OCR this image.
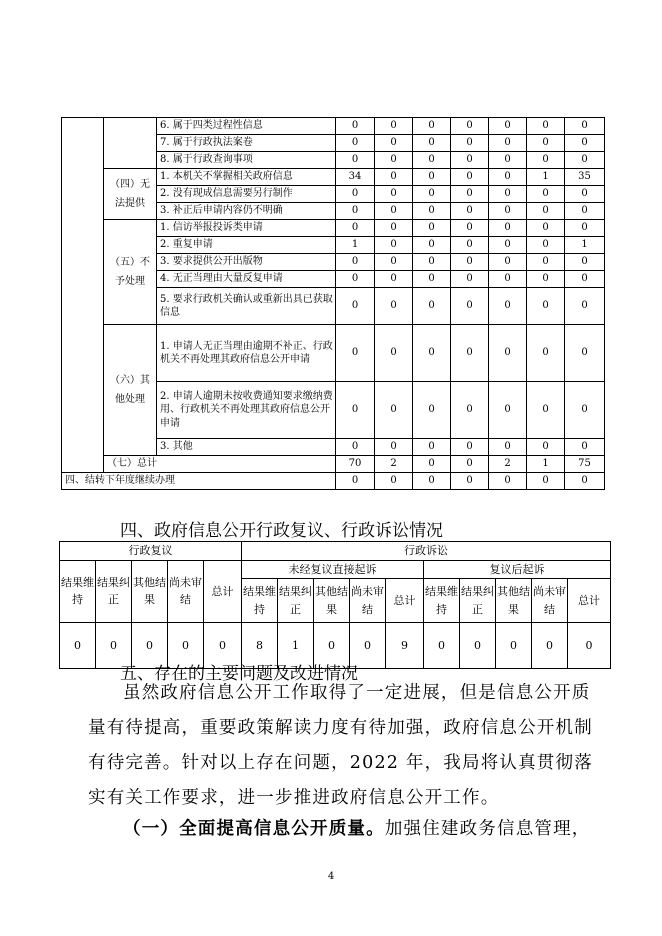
		6. 属于四类过程性信息	0	0	0	0	0	0	0
		7. 属于行政执法案卷	0	0	0	0	0	0	0
		8. 属于行政查询事项	0	0	0	0	0	0	0
	（四）无法提供	1. 本机关不掌握相关政府信息	34	0	0	0	0	1	35
		2. 没有现成信息需要另行制作	0	0	0	0	0	0	0
		3. 补正后申请内容仍不明确	0	0	0	0	0	0	0
	（五）不予处理	1. 信访举报投诉类申请	0	0	0	0	0	0	0
		2. 重复申请	1	0	0	0	0	0	1
		3. 要求提供公开出版物	0	0	0	0	0	0	0
		4. 无正当理由大量反复申请	0	0	0	0	0	0	0
		5. 要求行政机关确认或重新出具已获取信息	0	0	0	0	0	0	0
	（六）其他处理	1. 申请人无正当理由逾期不补正、行政机关不再处理其政府信息公开申请	0	0	0	0	0	0	0
		2. 申请人逾期未按收费通知要求缴纳费用、行政机关不再处理其政府信息公开申请	0	0	0	0	0	0	0
		3. 其他	0	0	0	0	0	0	0
	（七）总计		70	2	0	0	2	1	75
四、结转下年度继续办理			0	0	0	0	0	0	0
四、政府信息公开行政复议、行政诉讼情况
行政复议					行政诉讼									
结果维持	结果纠正	其他结果	尚未审结	总计	未经复议直接起诉					复议后起诉				
					结果维持	结果纠正	其他结果	尚未审结	总计	结果维持	结果纠正	其他结果	尚未审结	总计
0	0	0	0	0	8	1	0	0	9	0	0	0	0	0
五、存在的主要问题及改进情况
虽然政府信息公开工作取得了一定进展，但是信息公开质量有待提高，重要政策解读力度有待加强，政府信息公开机制有待完善。针对以上存在问题，2022 年，我局将认真贯彻落实有关工作要求，进一步推进政府信息公开工作。
（一）全面提高信息公开质量。加强住建政务信息管理，
4
